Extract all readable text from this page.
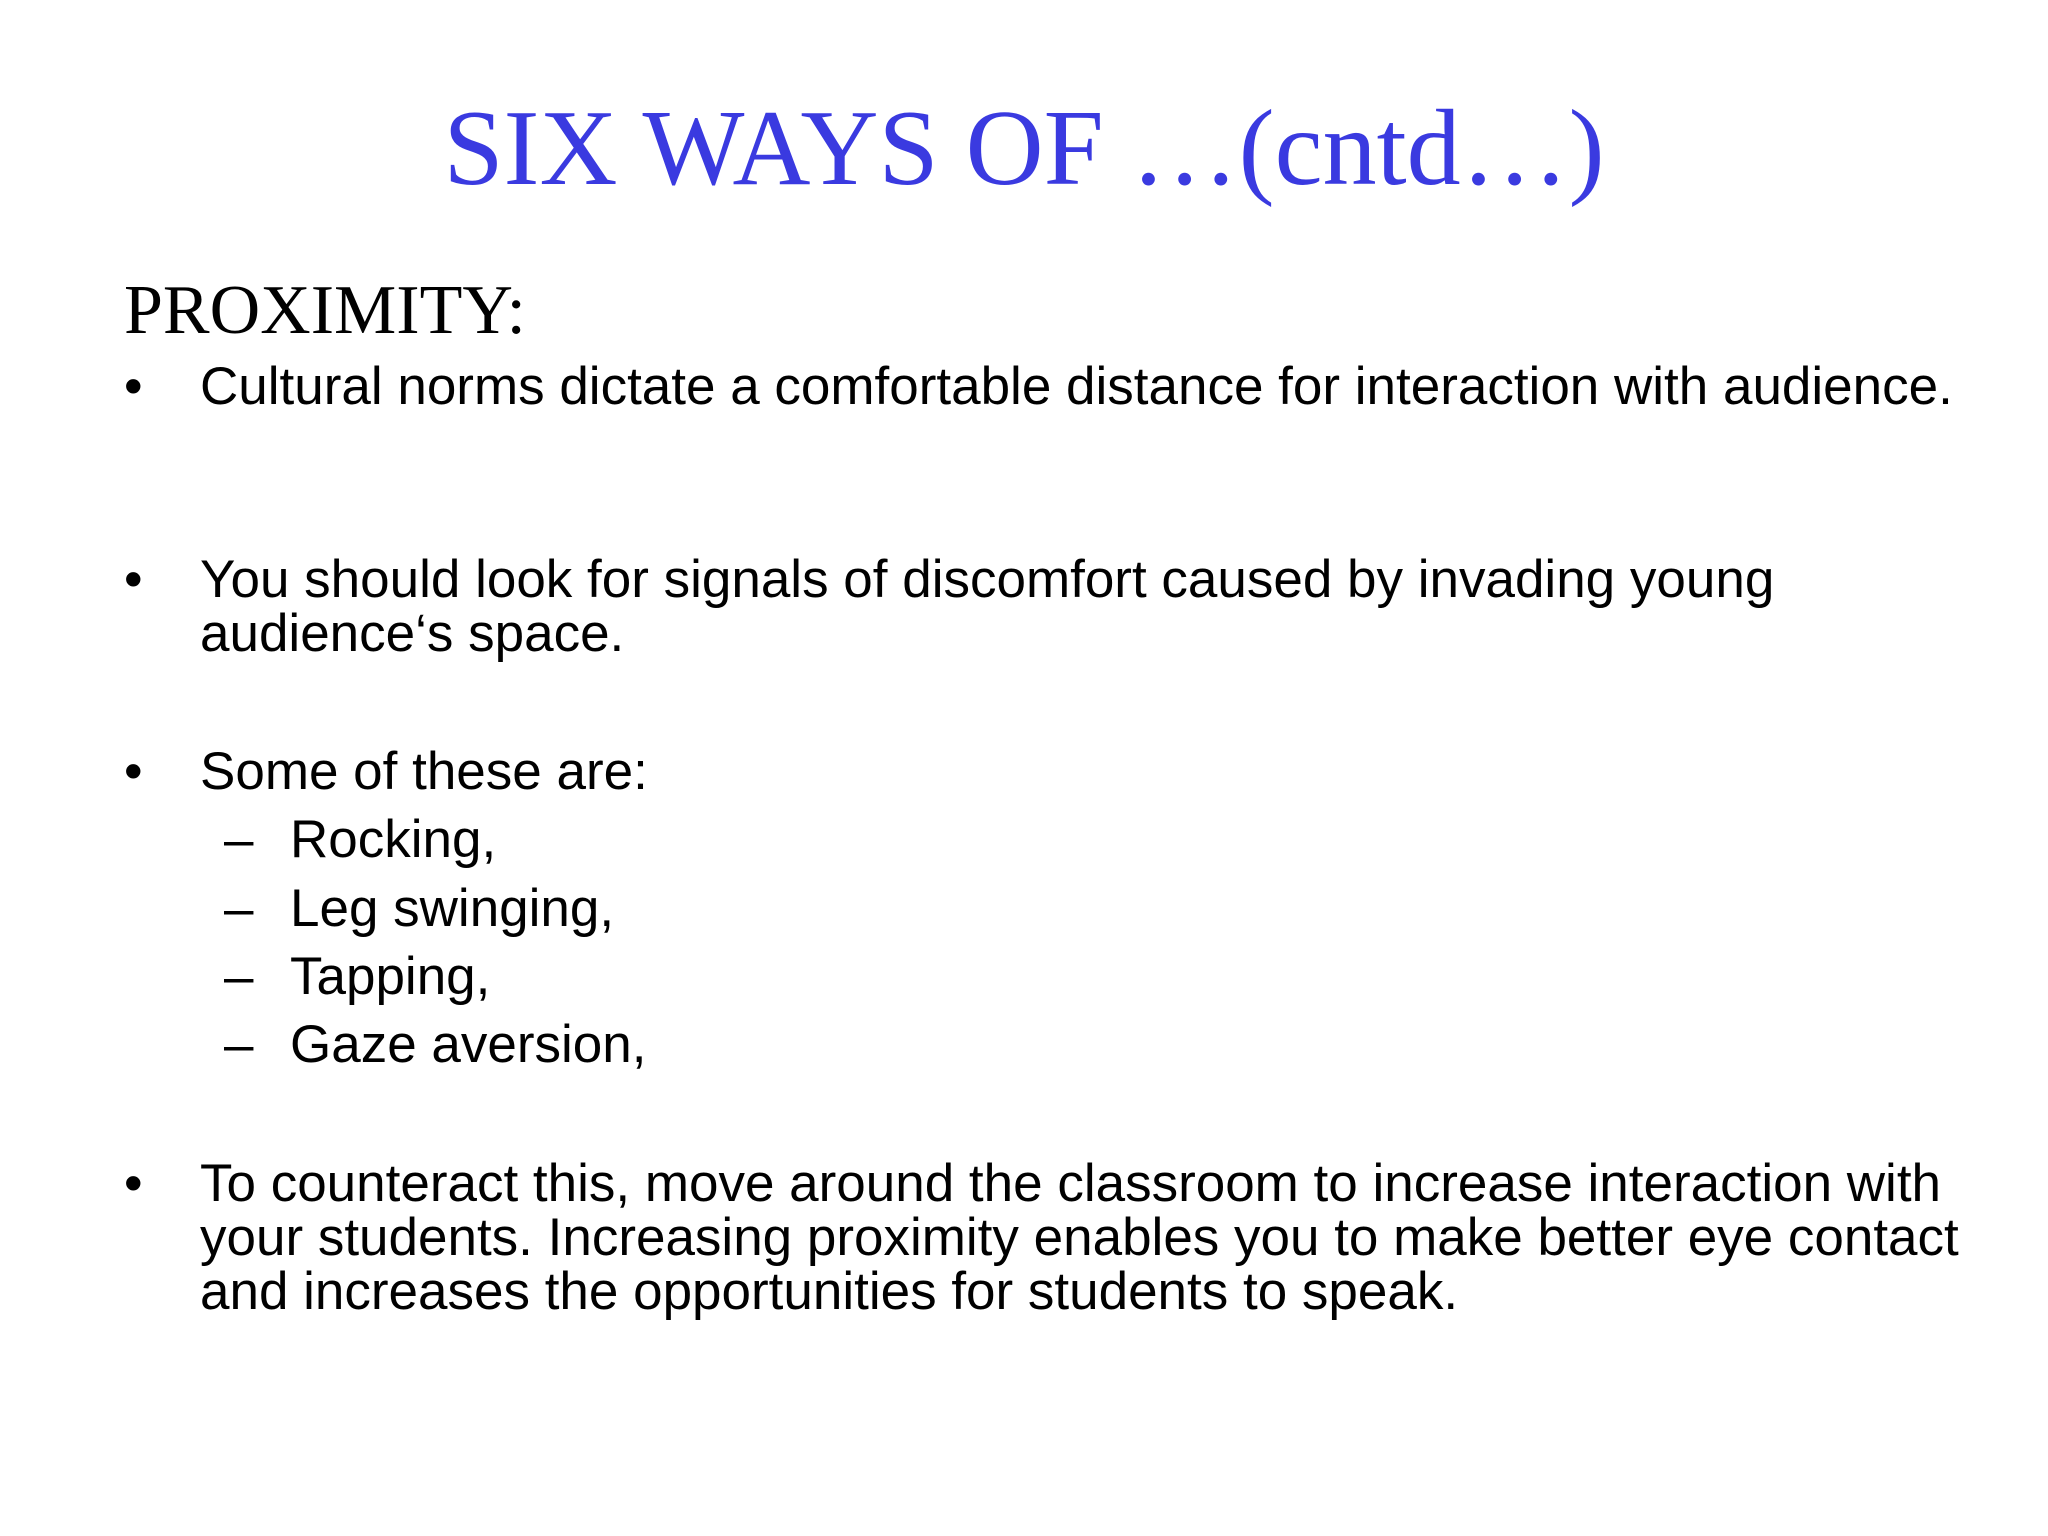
SIX WAYS OF …(cntd…)
PROXIMITY:
•	Cultural norms dictate a comfortable distance for interaction with audience.
•	You should look for signals of discomfort caused by invading young audience‘s space.
•	Some of these are:
– Rocking,
– Leg swinging,
– Tapping,
– Gaze aversion,
•	To counteract this, move around the classroom to increase interaction with your students. Increasing proximity enables you to make better eye contact and increases the opportunities for students to speak.
